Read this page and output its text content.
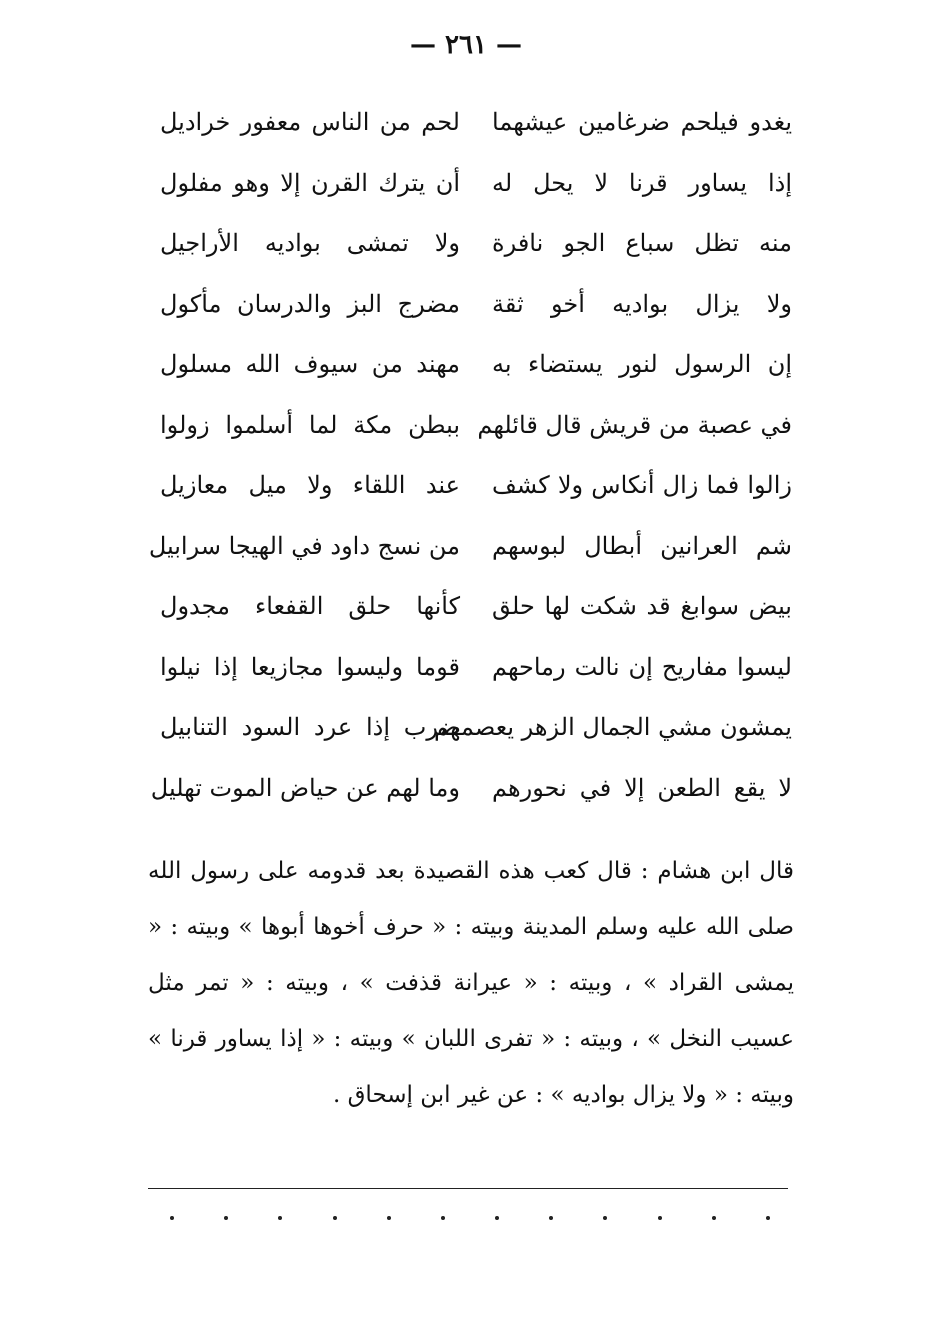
— ٢٦١ —
يغدو فيلحم ضرغامين عيشهما
لحم من الناس معفور خراديل
إذا يساور قرنا لا يحل له
أن يترك القرن إلا وهو مفلول
منه تظل سباع الجو نافرة
ولا تمشى بواديه الأراجيل
ولا يزال بواديه أخو ثقة
مضرج البز والدرسان مأكول
إن الرسول لنور يستضاء به
مهند من سيوف الله مسلول
في عصبة من قريش قال قائلهم
ببطن مكة لما أسلموا زولوا
زالوا فما زال أنكاس ولا كشف
عند اللقاء ولا ميل معازيل
شم العرانين أبطال لبوسهم
من نسج داود في الهيجا سرابيل
بيض سوابغ قد شكت لها حلق
كأنها حلق القفعاء مجدول
ليسوا مفاريح إن نالت رماحهم
قوما وليسوا مجازيعا إذا نيلوا
يمشون مشي الجمال الزهر يعصمهم
ضرب إذا عرد السود التنابيل
لا يقع الطعن إلا في نحورهم
وما لهم عن حياض الموت تهليل
قال ابن هشام : قال كعب هذه القصيدة بعد قدومه على رسول الله صلى الله عليه وسلم المدينة وبيته : « حرف أخوها أبوها » وبيته : « يمشى القراد » ، وبيته : « عيرانة قذفت » ، وبيته : « تمر مثل عسيب النخل » ، وبيته : « تفرى اللبان » وبيته : « إذا يساور قرنا » وبيته : « ولا يزال بواديه » : عن غير ابن إسحاق .
